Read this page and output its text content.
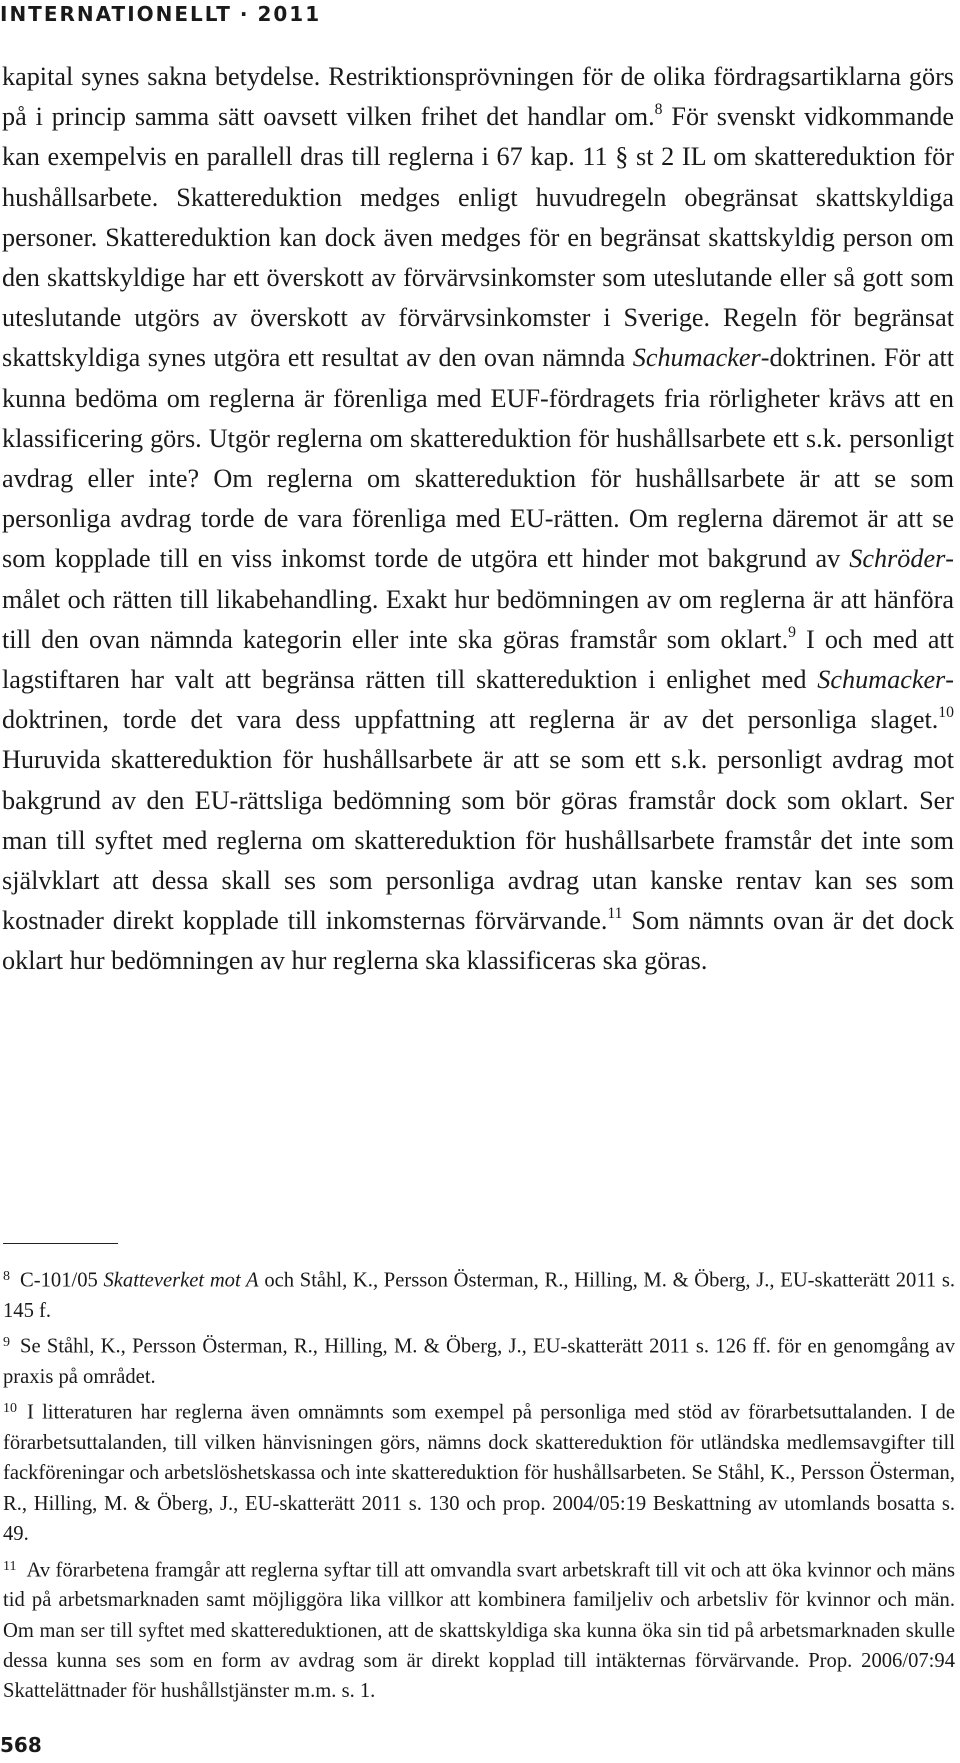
INTERNATIONELLT · 2011

kapital synes sakna betydelse. Restriktionsprövningen för de olika fördragsartiklarna görs på i princip samma sätt oavsett vilken frihet det handlar om.$^8$ För svenskt vidkommande kan exempelvis en parallell dras till reglerna i 67 kap. 11 § st 2 IL om skattereduktion för hushållsarbete. Skattereduktion medges enligt huvudregeln obegränsat skattskyldiga personer. Skattereduktion kan dock även medges för en begränsat skattskyldig person om den skattskyldige har ett överskott av förvärvsinkomster som uteslutande eller så gott som uteslutande utgörs av överskott av förvärvsinkomster i Sverige. Regeln för begränsat skattskyldiga synes utgöra ett resultat av den ovan nämnda Schumacker-doktrinen. För att kunna bedöma om reglerna är förenliga med EUF-fördragets fria rörligheter krävs att en klassificering görs. Utgör reglerna om skattereduktion för hushållsarbete ett s.k. personligt avdrag eller inte? Om reglerna om skattereduktion för hushållsarbete är att se som personliga avdrag torde de vara förenliga med EU-rätten. Om reglerna däremot är att se som kopplade till en viss inkomst torde de utgöra ett hinder mot bakgrund av Schröder-målet och rätten till likabehandling. Exakt hur bedömningen av om reglerna är att hänföra till den ovan nämnda kategorin eller inte ska göras framstår som oklart.$^9$ I och med att lagstiftaren har valt att begränsa rätten till skattereduktion i enlighet med Schumacker-doktrinen, torde det vara dess uppfattning att reglerna är av det personliga slaget.$^{10}$ Huruvida skattereduktion för hushållsarbete är att se som ett s.k. personligt avdrag mot bakgrund av den EU-rättsliga bedömning som bör göras framstår dock som oklart. Ser man till syftet med reglerna om skattereduktion för hushållsarbete framstår det inte som självklart att dessa skall ses som personliga avdrag utan kanske rentav kan ses som kostnader direkt kopplade till inkomsternas förvärvande.$^{11}$ Som nämnts ovan är det dock oklart hur bedömningen av hur reglerna ska klassificeras ska göras.

$^8$ C-101/05 Skatteverket mot A och Ståhl, K., Persson Österman, R., Hilling, M. & Öberg, J., EU-skatterätt 2011 s. 145 f.

$^9$ Se Ståhl, K., Persson Österman, R., Hilling, M. & Öberg, J., EU-skatterätt 2011 s. 126 ff. för en genomgång av praxis på området.

$^{10}$ I litteraturen har reglerna även omnämnts som exempel på personliga med stöd av förarbetsuttalanden. I de förarbetsuttalanden, till vilken hänvisningen görs, nämns dock skattereduktion för utländska medlemsavgifter till fackföreningar och arbetslöshetskassa och inte skattereduktion för hushållsarbeten. Se Ståhl, K., Persson Österman, R., Hilling, M. & Öberg, J., EU-skatterätt 2011 s. 130 och prop. 2004/05:19 Beskattning av utomlands bosatta s. 49.

$^{11}$ Av förarbetena framgår att reglerna syftar till att omvandla svart arbetskraft till vit och att öka kvinnor och mäns tid på arbetsmarknaden samt möjliggöra lika villkor att kombinera familjeliv och arbetsliv för kvinnor och män. Om man ser till syftet med skattereduktionen, att de skattskyldiga ska kunna öka sin tid på arbetsmarknaden skulle dessa kunna ses som en form av avdrag som är direkt kopplad till intäkternas förvärvande. Prop. 2006/07:94 Skattelättnader för hushållstjänster m.m. s. 1.

568
